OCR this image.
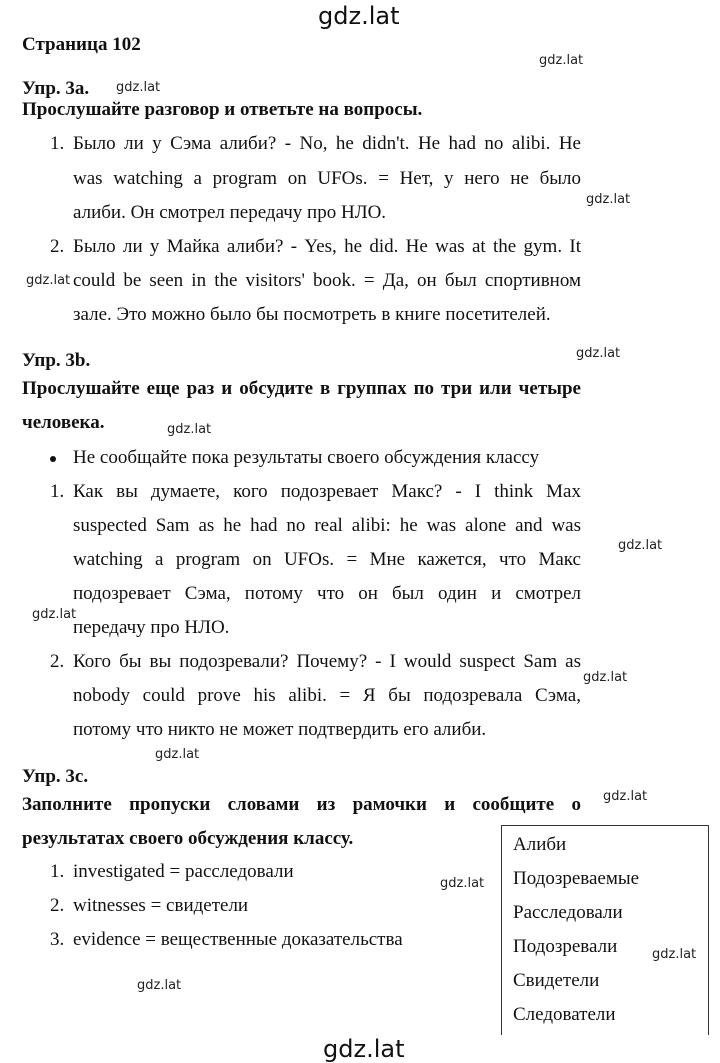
gdz.lat
gdz.lat
gdz.lat
gdz.lat
gdz.lat
gdz.lat
gdz.lat
gdz.lat
gdz.lat
gdz.lat
gdz.lat
gdz.lat
gdz.lat
gdz.lat
gdz.lat
gdz.lat
Страница 102
Упр. 3а.
Прослушайте разговор и ответьте на вопросы.
1. Было ли у Сэма алиби? - No, he didn't. He had no alibi. He
was watching a program on UFOs. = Нет, у него не было
алиби. Он смотрел передачу про НЛО.
2. Было ли у Майка алиби? - Yes, he did. He was at the gym. It
could be seen in the visitors' book. = Да, он был спортивном
зале. Это можно было бы посмотреть в книге посетителей.
Упр. 3b.
Прослушайте еще раз и обсудите в группах по три или четыре
человека.
Не сообщайте пока результаты своего обсуждения классу
1. Как вы думаете, кого подозревает Макс? - I think Max
suspected Sam as he had no real alibi: he was alone and was
watching a program on UFOs. = Мне кажется, что Макс
подозревает Сэма, потому что он был один и смотрел
передачу про НЛО.
2. Кого бы вы подозревали? Почему? - I would suspect Sam as
nobody could prove his alibi. = Я бы подозревала Сэма,
потому что никто не может подтвердить его алиби.
Упр. 3с.
Заполните пропуски словами из рамочки и сообщите о
результатах своего обсуждения классу.
1. investigated = расследовали
2. witnesses = свидетели
3. evidence = вещественные доказательства
Алиби
Подозреваемые
Расследовали
Подозревали
Свидетели
Следователи
